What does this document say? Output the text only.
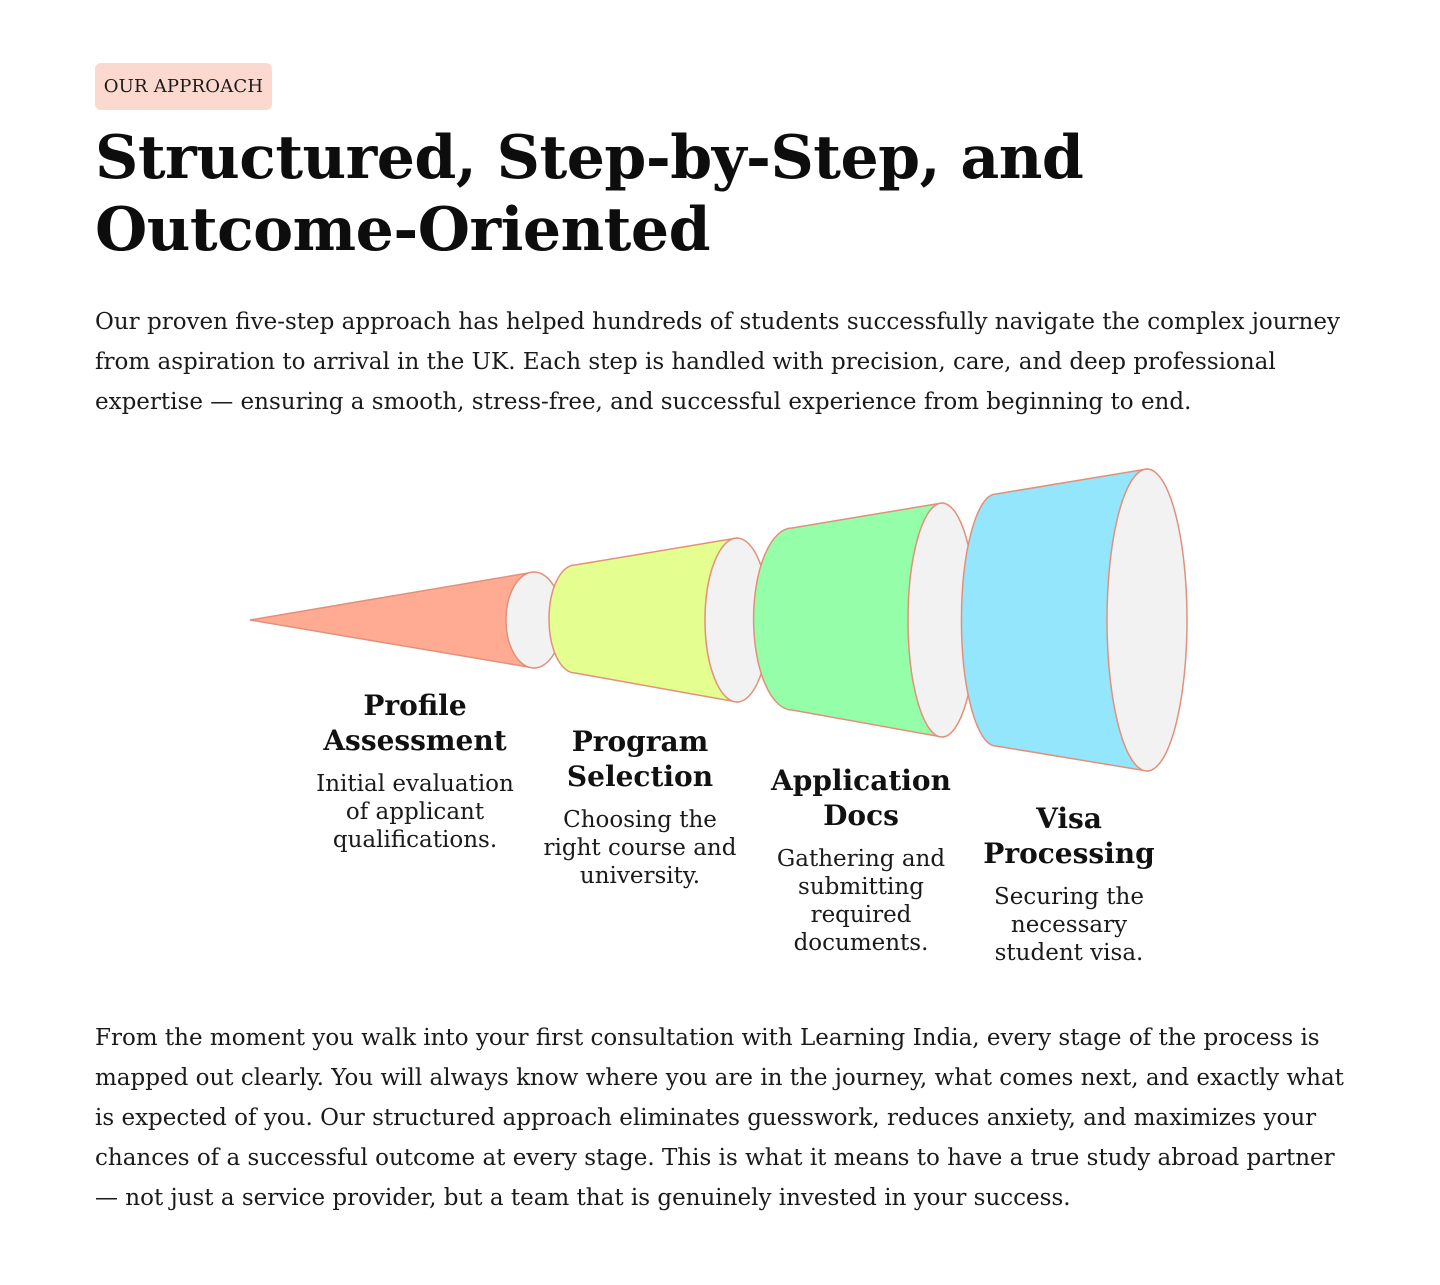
OUR APPROACH
Structured, Step-by-Step, and Outcome-Oriented

Our proven five-step approach has helped hundreds of students successfully navigate the complex journey from aspiration to arrival in the UK. Each step is handled with precision, care, and deep professional expertise — ensuring a smooth, stress-free, and successful experience from beginning to end.

Profile
Assessment
Initial evaluation
of applicant
qualifications.
Program
Selection
Choosing the
right course and
university.
Application
Docs
Gathering and
submitting
required
documents.
Visa
Processing
Securing the
necessary
student visa.

From the moment you walk into your first consultation with Learning India, every stage of the process is mapped out clearly. You will always know where you are in the journey, what comes next, and exactly what is expected of you. Our structured approach eliminates guesswork, reduces anxiety, and maximizes your chances of a successful outcome at every stage. This is what it means to have a true study abroad partner — not just a service provider, but a team that is genuinely invested in your success.
